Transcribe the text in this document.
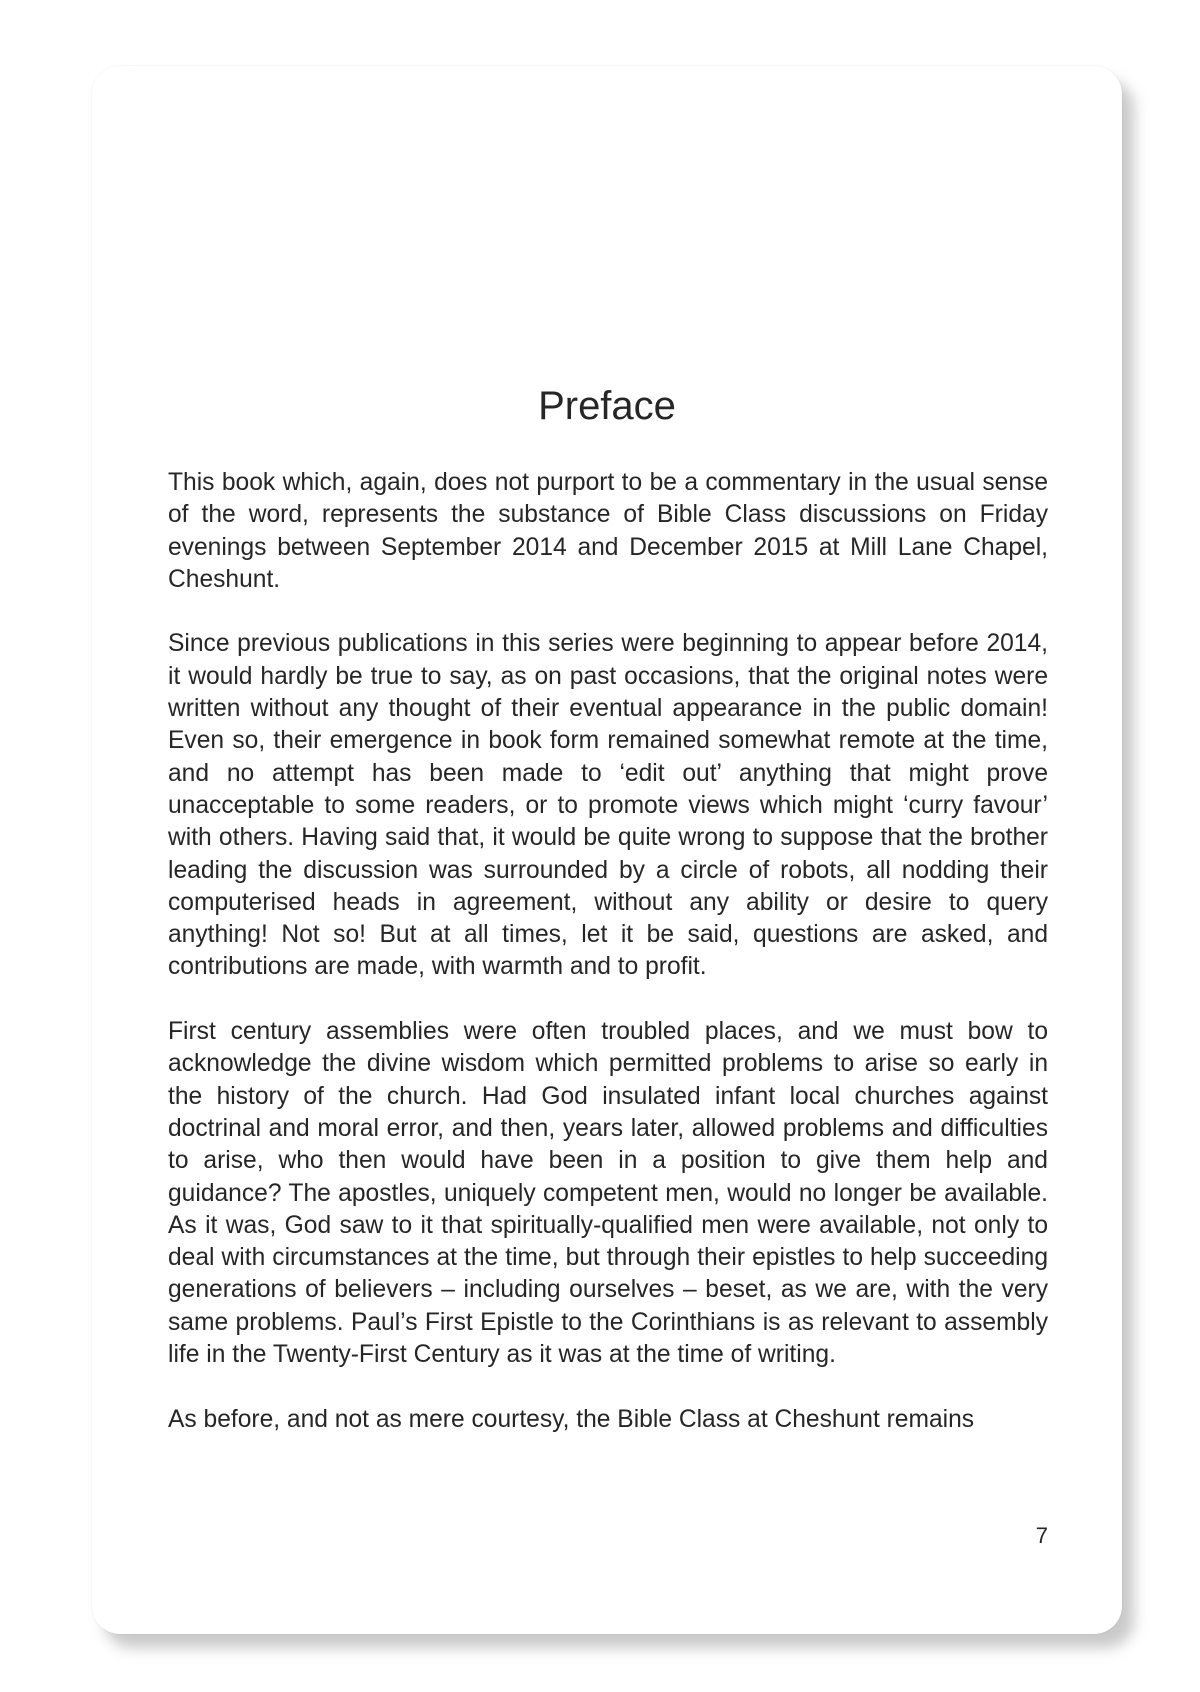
Preface

This book which, again, does not purport to be a commentary in the usual sense of the word, represents the substance of Bible Class discussions on Friday evenings between September 2014 and December 2015 at Mill Lane Chapel, Cheshunt.

Since previous publications in this series were beginning to appear before 2014, it would hardly be true to say, as on past occasions, that the original notes were written without any thought of their eventual appearance in the public domain! Even so, their emergence in book form remained somewhat remote at the time, and no attempt has been made to ‘edit out’ anything that might prove unacceptable to some readers, or to promote views which might ‘curry favour’ with others. Having said that, it would be quite wrong to suppose that the brother leading the discussion was surrounded by a circle of robots, all nodding their computerised heads in agreement, without any ability or desire to query anything! Not so! But at all times, let it be said, questions are asked, and contributions are made, with warmth and to profit.

First century assemblies were often troubled places, and we must bow to acknowledge the divine wisdom which permitted problems to arise so early in the history of the church. Had God insulated infant local churches against doctrinal and moral error, and then, years later, allowed problems and difficulties to arise, who then would have been in a position to give them help and guidance? The apostles, uniquely competent men, would no longer be available. As it was, God saw to it that spiritually-qualified men were available, not only to deal with circumstances at the time, but through their epistles to help succeeding generations of believers – including ourselves – beset, as we are, with the very same problems. Paul’s First Epistle to the Corinthians is as relevant to assembly life in the Twenty-First Century as it was at the time of writing.

As before, and not as mere courtesy, the Bible Class at Cheshunt remains

7
